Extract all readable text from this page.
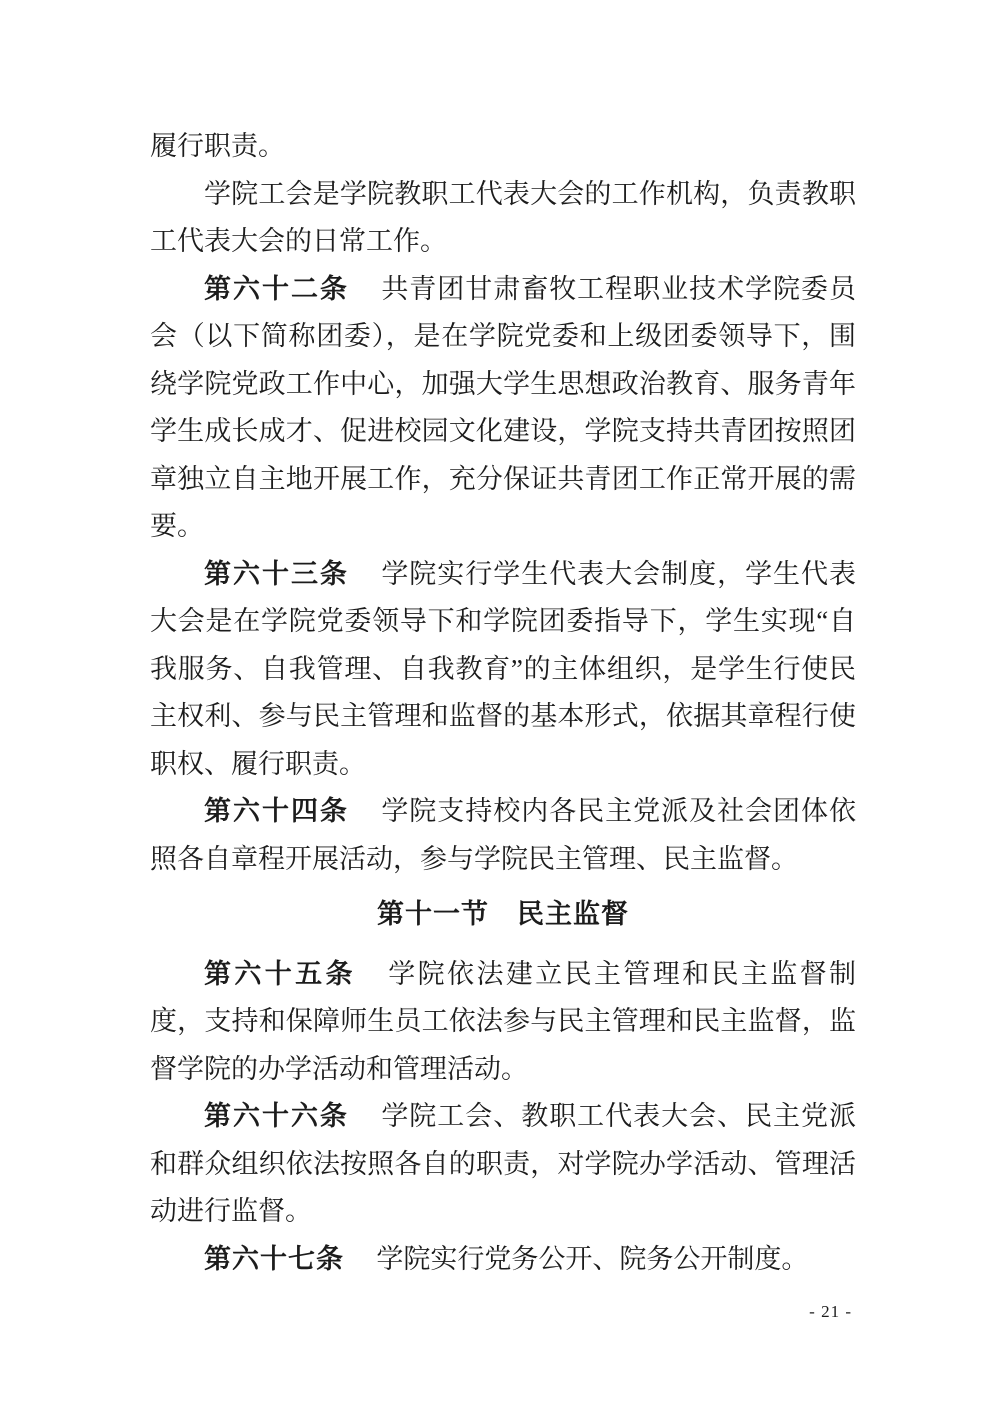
履行职责。

学院工会是学院教职工代表大会的工作机构，负责教职工代表大会的日常工作。

第六十二条 共青团甘肃畜牧工程职业技术学院委员会（以下简称团委），是在学院党委和上级团委领导下，围绕学院党政工作中心，加强大学生思想政治教育、服务青年学生成长成才、促进校园文化建设，学院支持共青团按照团章独立自主地开展工作，充分保证共青团工作正常开展的需要。

第六十三条 学院实行学生代表大会制度，学生代表大会是在学院党委领导下和学院团委指导下，学生实现“自我服务、自我管理、自我教育”的主体组织，是学生行使民主权利、参与民主管理和监督的基本形式，依据其章程行使职权、履行职责。

第六十四条 学院支持校内各民主党派及社会团体依照各自章程开展活动，参与学院民主管理、民主监督。

第十一节　民主监督

第六十五条 学院依法建立民主管理和民主监督制度，支持和保障师生员工依法参与民主管理和民主监督，监督学院的办学活动和管理活动。

第六十六条 学院工会、教职工代表大会、民主党派和群众组织依法按照各自的职责，对学院办学活动、管理活动进行监督。

第六十七条 学院实行党务公开、院务公开制度。

- 21 -
